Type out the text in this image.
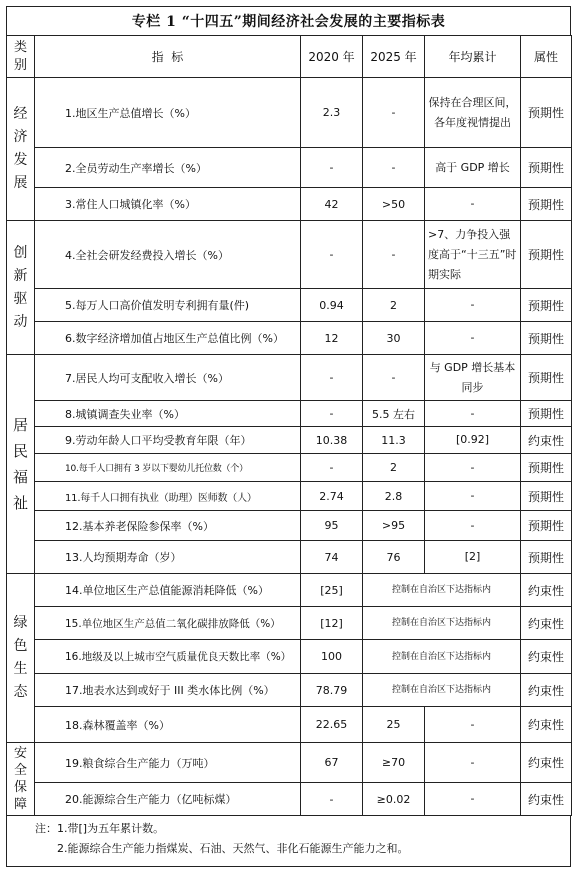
专栏 1 “十四五”期间经济社会发展的主要指标表
类别	指  标	2020 年	2025 年	年均累计	属性

经
济
发
展	1.地区生产总值增长（%）	2.3	-	保持在合理区间，各年度视情提出	预期性
	2.全员劳动生产率增长（%）	-	-	高于 GDP 增长	预期性
	3.常住人口城镇化率（%）	42	>50	-	预期性

创
新
驱
动	4.全社会研发经费投入增长（%）	-	-	>7、力争投入强度高于“十三五”时期实际	预期性
	5.每万人口高价值发明专利拥有量(件)	0.94	2	-	预期性
	6.数字经济增加值占地区生产总值比例（%）	12	30	-	预期性

居
民
福
祉	7.居民人均可支配收入增长（%）	-	-	与 GDP 增长基本同步	预期性
	8.城镇调查失业率（%）	-	5.5 左右	-	预期性
	9.劳动年龄人口平均受教育年限（年）	10.38	11.3	[0.92]	约束性
	10.每千人口拥有 3 岁以下婴幼儿托位数（个）	-	2	-	预期性
	11.每千人口拥有执业（助理）医师数（人）	2.74	2.8	-	预期性
	12.基本养老保险参保率（%）	95	>95	-	预期性
	13.人均预期寿命（岁）	74	76	[2]	预期性

绿
色
生
态	14.单位地区生产总值能源消耗降低（%）	[25]	控制在自治区下达指标内		约束性
	15.单位地区生产总值二氧化碳排放降低（%）	[12]	控制在自治区下达指标内		约束性
	16.地级及以上城市空气质量优良天数比率（%）	100	控制在自治区下达指标内		约束性
	17.地表水达到或好于 III 类水体比例（%）	78.79	控制在自治区下达指标内		约束性
	18.森林覆盖率（%）	22.65	25	-	约束性

安
全
保
障	19.粮食综合生产能力（万吨）	67	≥70	-	约束性
	20.能源综合生产能力（亿吨标煤）	-	≥0.02	-	约束性
注：1.带[]为五年累计数。
2.能源综合生产能力指煤炭、石油、天然气、非化石能源生产能力之和。
